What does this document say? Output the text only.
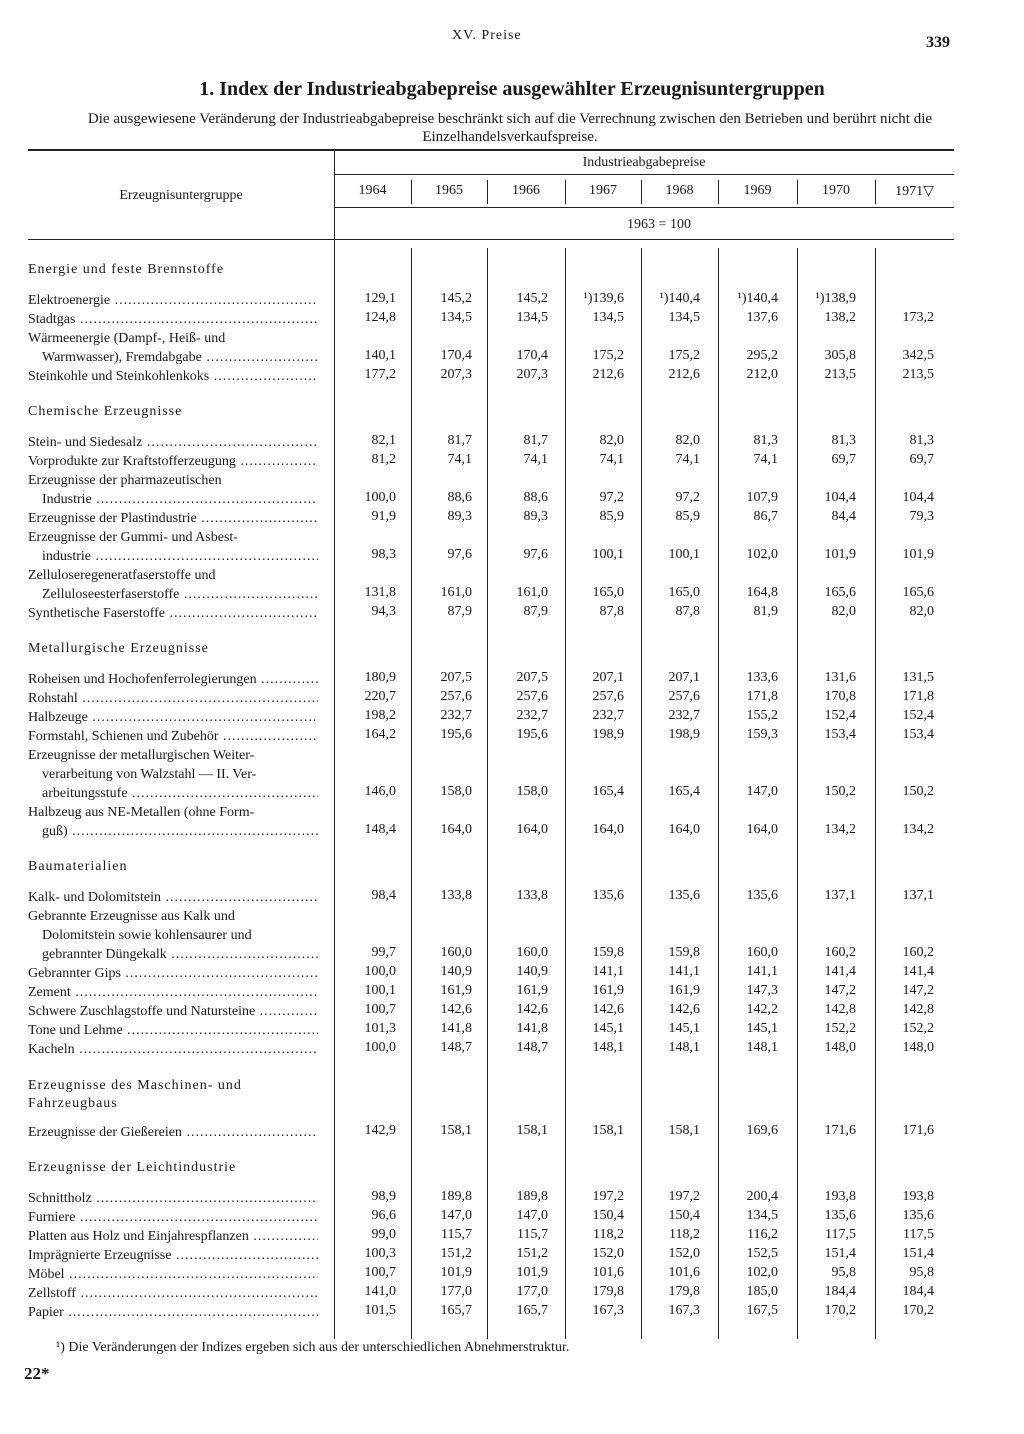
XV. Preise	339
1. Index der Industrieabgabepreise ausgewählter Erzeugnisuntergruppen
Die ausgewiesene Veränderung der Industrieabgabepreise beschränkt sich auf die Verrechnung zwischen den Betrieben und berührt nicht die Einzelhandelsverkaufspreise.
Erzeugnisuntergruppe
Industrieabgabepreise
1963 = 100
1964	1965	1966	1967	1968	1969	1970	1971▽
Energie und feste Brennstoffe
Elektroenergie .....	129,1	145,2	145,2	¹)139,6	¹)140,4	¹)140,4	¹)138,9
Stadtgas .....	124,8	134,5	134,5	134,5	134,5	137,6	138,2	173,2
Wärmeenergie (Dampf-, Heiß- und
Warmwasser), Fremdabgabe .....	140,1	170,4	170,4	175,2	175,2	295,2	305,8	342,5
Steinkohle und Steinkohlenkoks .....	177,2	207,3	207,3	212,6	212,6	212,0	213,5	213,5
Chemische Erzeugnisse
Stein- und Siedesalz .....	82,1	81,7	81,7	82,0	82,0	81,3	81,3	81,3
Vorprodukte zur Kraftstofferzeugung .....	81,2	74,1	74,1	74,1	74,1	74,1	69,7	69,7
Erzeugnisse der pharmazeutischen
Industrie .....	100,0	88,6	88,6	97,2	97,2	107,9	104,4	104,4
Erzeugnisse der Plastindustrie .....	91,9	89,3	89,3	85,9	85,9	86,7	84,4	79,3
Erzeugnisse der Gummi- und Asbest-
industrie .....	98,3	97,6	97,6	100,1	100,1	102,0	101,9	101,9
Zelluloseregeneratfaserstoffe und
Zelluloseesterfaserstoffe .....	131,8	161,0	161,0	165,0	165,0	164,8	165,6	165,6
Synthetische Faserstoffe .....	94,3	87,9	87,9	87,8	87,8	81,9	82,0	82,0
Metallurgische Erzeugnisse
Roheisen und Hochofenferrolegierungen .....	180,9	207,5	207,5	207,1	207,1	133,6	131,6	131,5
Rohstahl .....	220,7	257,6	257,6	257,6	257,6	171,8	170,8	171,8
Halbzeuge .....	198,2	232,7	232,7	232,7	232,7	155,2	152,4	152,4
Formstahl, Schienen und Zubehör .....	164,2	195,6	195,6	198,9	198,9	159,3	153,4	153,4
Erzeugnisse der metallurgischen Weiter-
verarbeitung von Walzstahl — II. Ver-
arbeitungsstufe .....	146,0	158,0	158,0	165,4	165,4	147,0	150,2	150,2
Halbzeug aus NE-Metallen (ohne Form-
guß) .....	148,4	164,0	164,0	164,0	164,0	164,0	134,2	134,2
Baumaterialien
Kalk- und Dolomitstein .....	98,4	133,8	133,8	135,6	135,6	135,6	137,1	137,1
Gebrannte Erzeugnisse aus Kalk und
Dolomitstein sowie kohlensaurer und
gebrannter Düngekalk .....	99,7	160,0	160,0	159,8	159,8	160,0	160,2	160,2
Gebrannter Gips .....	100,0	140,9	140,9	141,1	141,1	141,1	141,4	141,4
Zement .....	100,1	161,9	161,9	161,9	161,9	147,3	147,2	147,2
Schwere Zuschlagstoffe und Natursteine .....	100,7	142,6	142,6	142,6	142,6	142,2	142,8	142,8
Tone und Lehme .....	101,3	141,8	141,8	145,1	145,1	145,1	152,2	152,2
Kacheln .....	100,0	148,7	148,7	148,1	148,1	148,1	148,0	148,0
Erzeugnisse des Maschinen- und Fahrzeugbaus
Erzeugnisse der Gießereien .....	142,9	158,1	158,1	158,1	158,1	169,6	171,6	171,6
Erzeugnisse der Leichtindustrie
Schnittholz .....	98,9	189,8	189,8	197,2	197,2	200,4	193,8	193,8
Furniere .....	96,6	147,0	147,0	150,4	150,4	134,5	135,6	135,6
Platten aus Holz und Einjahrespflanzen .....	99,0	115,7	115,7	118,2	118,2	116,2	117,5	117,5
Imprägnierte Erzeugnisse .....	100,3	151,2	151,2	152,0	152,0	152,5	151,4	151,4
Möbel .....	100,7	101,9	101,9	101,6	101,6	102,0	95,8	95,8
Zellstoff .....	141,0	177,0	177,0	179,8	179,8	185,0	184,4	184,4
Papier .....	101,5	165,7	165,7	167,3	167,3	167,5	170,2	170,2
¹) Die Veränderungen der Indizes ergeben sich aus der unterschiedlichen Abnehmerstruktur.
22*
